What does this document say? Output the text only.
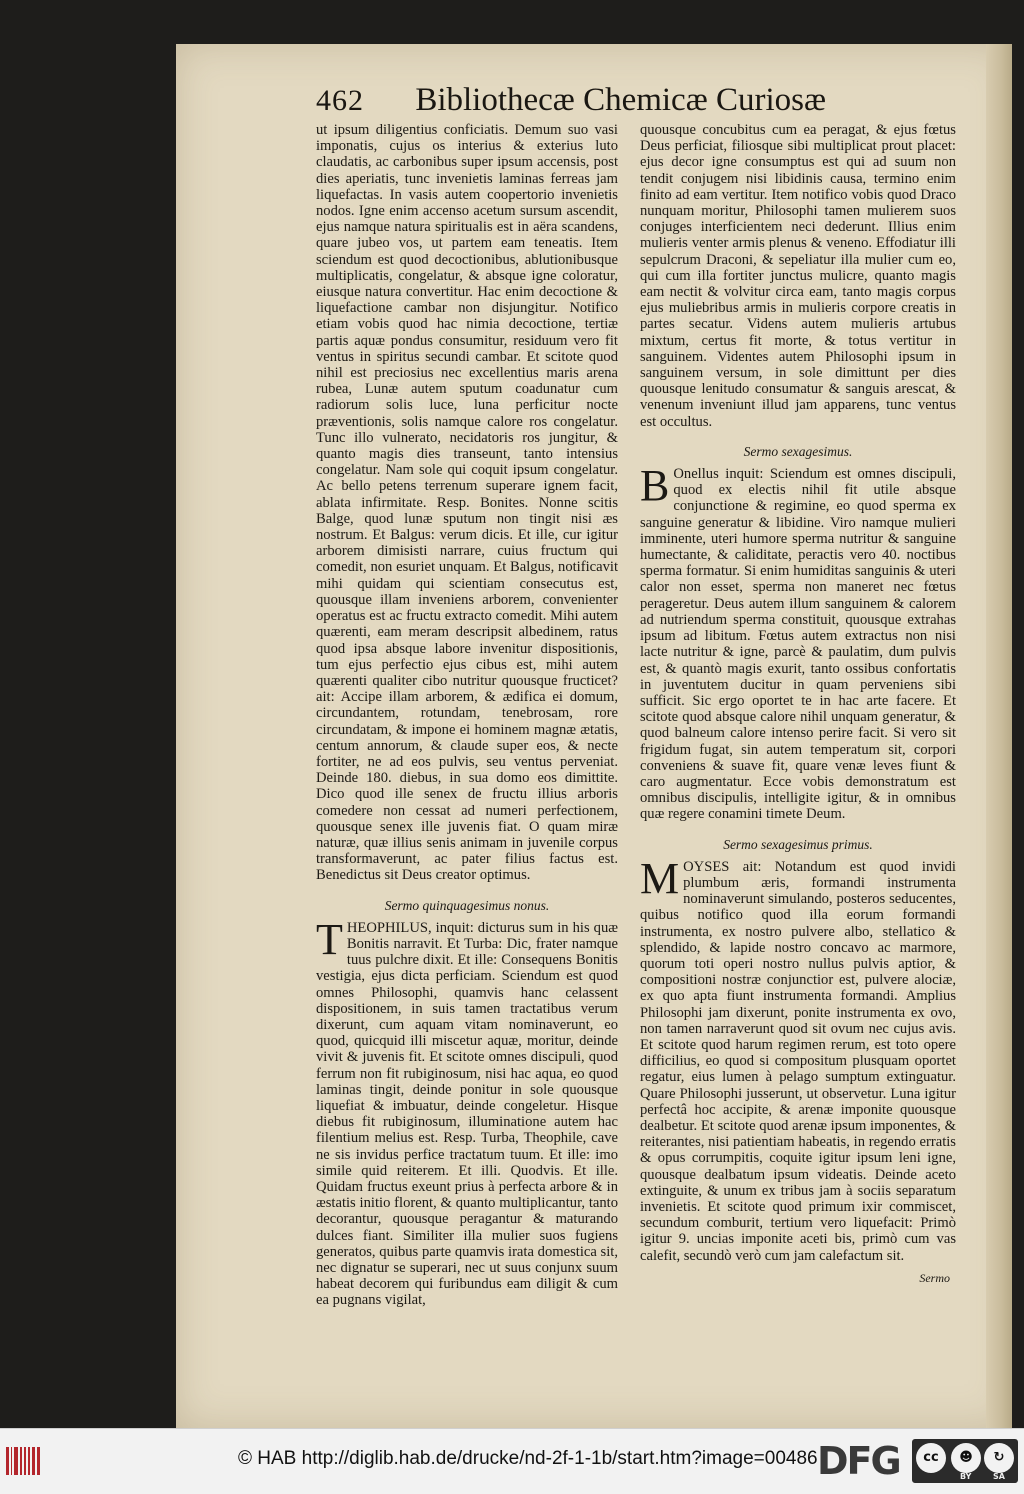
462 Bibliothecæ Chemicæ Curiosæ

ut ipsum diligentius conficiatis. Demum suo vasi imponatis, cujus os interius & exterius luto claudatis, ac carbonibus super ipsum accensis, post dies aperiatis, tunc invenietis laminas ferreas jam liquefactas. In vasis autem coopertorio invenietis nodos. Igne enim accenso acetum sursum ascendit, ejus namque natura spiritualis est in aëra scandens, quare jubeo vos, ut partem eam teneatis. Item sciendum est quod decoctionibus, ablutionibusque multiplicatis, congelatur, & absque igne coloratur, eiusque natura convertitur. Hac enim decoctione & liquefactione cambar non disjungitur. Notifico etiam vobis quod hac nimia decoctione, tertiæ partis aquæ pondus consumitur, residuum vero fit ventus in spiritus secundi cambar. Et scitote quod nihil est preciosius nec excellentius maris arena rubea, Lunæ autem sputum coadunatur cum radiorum solis luce, luna perficitur nocte præventionis, solis namque calore ros congelatur. Tunc illo vulnerato, necidatoris ros jungitur, & quanto magis dies transeunt, tanto intensius congelatur. Nam sole qui coquit ipsum congelatur. Ac bello petens terrenum superare ignem facit, ablata infirmitate. Resp. Bonites. Nonne scitis Balge, quod lunæ sputum non tingit nisi æs nostrum. Et Balgus: verum dicis. Et ille, cur igitur arborem dimisisti narrare, cuius fructum qui comedit, non esuriet unquam. Et Balgus, notificavit mihi quidam qui scientiam consecutus est, quousque illam inveniens arborem, convenienter operatus est ac fructu extracto comedit. Mihi autem quærenti, eam meram descripsit albedinem, ratus quod ipsa absque labore invenitur dispositionis, tum ejus perfectio ejus cibus est, mihi autem quærenti qualiter cibo nutritur quousque fructicet? ait: Accipe illam arborem, & ædifica ei domum, circundantem, rotundam, tenebrosam, rore circundatam, & impone ei hominem magnæ ætatis, centum annorum, & claude super eos, & necte fortiter, ne ad eos pulvis, seu ventus perveniat. Deinde 180. diebus, in sua domo eos dimittite. Dico quod ille senex de fructu illius arboris comedere non cessat ad numeri perfectionem, quousque senex ille juvenis fiat. O quam miræ naturæ, quæ illius senis animam in juvenile corpus transformaverunt, ac pater filius factus est. Benedictus sit Deus creator optimus.

Sermo quinquagesimus nonus.

THEOPHILUS, inquit: dicturus sum in his quæ Bonitis narravit. Et Turba: Dic, frater namque tuus pulchre dixit. Et ille: Consequens Bonitis vestigia, ejus dicta perficiam. Sciendum est quod omnes Philosophi, quamvis hanc celassent dispositionem, in suis tamen tractatibus verum dixerunt, cum aquam vitam nominaverunt, eo quod, quicquid illi miscetur aquæ, moritur, deinde vivit & juvenis fit. Et scitote omnes discipuli, quod ferrum non fit rubiginosum, nisi hac aqua, eo quod laminas tingit, deinde ponitur in sole quousque liquefiat & imbuatur, deinde congeletur. Hisque diebus fit rubiginosum, illuminatione autem hac filentium melius est. Resp. Turba, Theophile, cave ne sis invidus perfice tractatum tuum. Et ille: imo simile quid reiterem. Et illi. Quodvis. Et ille. Quidam fructus exeunt prius à perfecta arbore & in æstatis initio florent, & quanto multiplicantur, tanto decorantur, quousque peragantur & maturando dulces fiant. Similiter illa mulier suos fugiens generatos, quibus parte quamvis irata domestica sit, nec dignatur se superari, nec ut suus conjunx suum habeat decorem qui furibundus eam diligit & cum ea pugnans vigilat,

quousque concubitus cum ea peragat, & ejus fœtus Deus perficiat, filiosque sibi multiplicat prout placet: ejus decor igne consumptus est qui ad suum non tendit conjugem nisi libidinis causa, termino enim finito ad eam vertitur. Item notifico vobis quod Draco nunquam moritur, Philosophi tamen mulierem suos conjuges interficientem neci dederunt. Illius enim mulieris venter armis plenus & veneno. Effodiatur illi sepulcrum Draconi, & sepeliatur illa mulier cum eo, qui cum illa fortiter junctus mulicre, quanto magis eam nectit & volvitur circa eam, tanto magis corpus ejus muliebribus armis in mulieris corpore creatis in partes secatur. Videns autem mulieris artubus mixtum, certus fit morte, & totus vertitur in sanguinem. Videntes autem Philosophi ipsum in sanguinem versum, in sole dimittunt per dies quousque lenitudo consumatur & sanguis arescat, & venenum inveniunt illud jam apparens, tunc ventus est occultus.

Sermo sexagesimus.

B Onellus inquit: Sciendum est omnes discipuli, quod ex electis nihil fit utile absque conjunctione & regimine, eo quod sperma ex sanguine generatur & libidine. Viro namque mulieri imminente, uteri humore sperma nutritur & sanguine humectante, & caliditate, peractis vero 40. noctibus sperma formatur. Si enim humiditas sanguinis & uteri calor non esset, sperma non maneret nec fœtus perageretur. Deus autem illum sanguinem & calorem ad nutriendum sperma constituit, quousque extrahas ipsum ad libitum. Fœtus autem extractus non nisi lacte nutritur & igne, parcè & paulatim, dum pulvis est, & quantò magis exurit, tanto ossibus confortatis in juventutem ducitur in quam perveniens sibi sufficit. Sic ergo oportet te in hac arte facere. Et scitote quod absque calore nihil unquam generatur, & quod balneum calore intenso perire facit. Si vero sit frigidum fugat, sin autem temperatum sit, corpori conveniens & suave fit, quare venæ leves fiunt & caro augmentatur. Ecce vobis demonstratum est omnibus discipulis, intelligite igitur, & in omnibus quæ regere conamini timete Deum.

Sermo sexagesimus primus.

MOYSES ait: Notandum est quod invidi plumbum æris, formandi instrumenta nominaverunt simulando, posteros seducentes, quibus notifico quod illa eorum formandi instrumenta, ex nostro pulvere albo, stellatico & splendido, & lapide nostro concavo ac marmore, quorum toti operi nostro nullus pulvis aptior, & compositioni nostræ conjunctior est, pulvere alociæ, ex quo apta fiunt instrumenta formandi. Amplius Philosophi jam dixerunt, ponite instrumenta ex ovo, non tamen narraverunt quod sit ovum nec cujus avis. Et scitote quod harum regimen rerum, est toto opere difficilius, eo quod si compositum plusquam oportet regatur, eius lumen à pelago sumptum extinguatur. Quare Philosophi jusserunt, ut observetur. Luna igitur perfectâ hoc accipite, & arenæ imponite quousque dealbetur. Et scitote quod arenæ ipsum imponentes, & reiterantes, nisi patientiam habeatis, in regendo erratis & opus corrumpitis, coquite igitur ipsum leni igne, quousque dealbatum ipsum videatis. Deinde aceto extinguite, & unum ex tribus jam à sociis separatum invenietis. Et scitote quod primum ixir commiscet, secundum comburit, tertium vero liquefacit: Primò igitur 9. uncias imponite aceti bis, primò cum vas calefit, secundò verò cum jam calefactum sit.

Sermo
© HAB http://diglib.hab.de/drucke/nd-2f-1-1b/start.htm?image=00486 DFG	cc	☻	↻
BY	SA
